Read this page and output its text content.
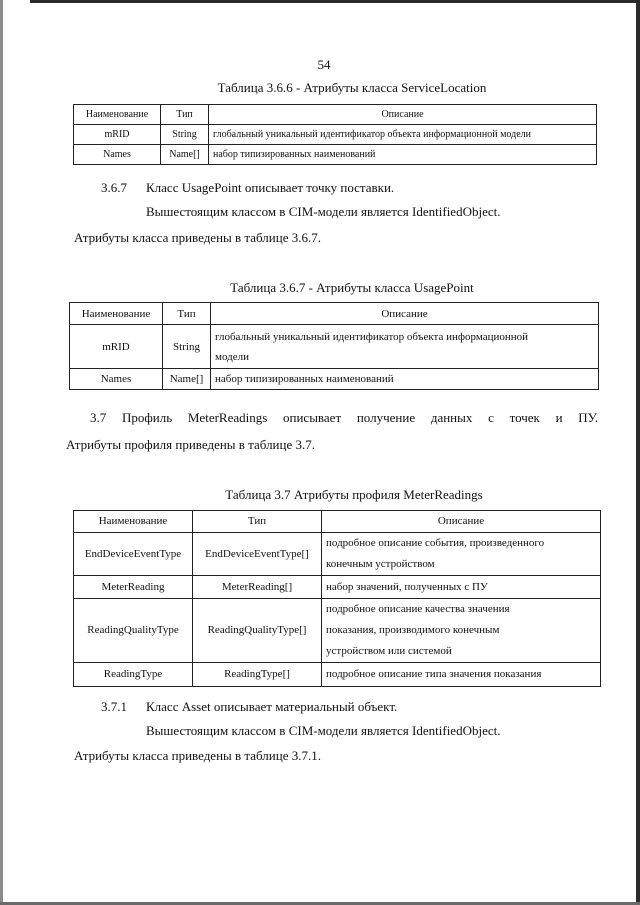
54
Таблица 3.6.6 - Атрибуты класса ServiceLocation
Наименование	Тип	Описание
mRID	String	глобальный уникальный идентификатор объекта информационной модели
Names	Name[]	набор типизированных наименований
3.6.7 Класс UsagePoint описывает точку поставки.
Вышестоящим классом в CIM-модели является IdentifiedObject.
Атрибуты класса приведены в таблице 3.6.7.
Таблица 3.6.7 - Атрибуты класса UsagePoint
Наименование	Тип	Описание
mRID	String	глобальный уникальный идентификатор объекта информационной
модели

Names	Name[]	набор типизированных наименований
3.7 Профиль MeterReadings описывает получение данных с точек и ПУ.
Атрибуты профиля приведены в таблице 3.7.
Таблица 3.7 Атрибуты профиля MeterReadings
Наименование	Тип	Описание
EndDeviceEventType	EndDeviceEventType[]	подробное описание события, произведенного
конечным устройством

MeterReading	MeterReading[]	набор значений, полученных с ПУ
ReadingQualityType	ReadingQualityType[]	подробное описание качества значения
показания, производимого конечным
устройством или системой

ReadingType	ReadingType[]	подробное описание типа значения показания
3.7.1 Класс Asset описывает материальный объект.
Вышестоящим классом в CIM-модели является IdentifiedObject.
Атрибуты класса приведены в таблице 3.7.1.
